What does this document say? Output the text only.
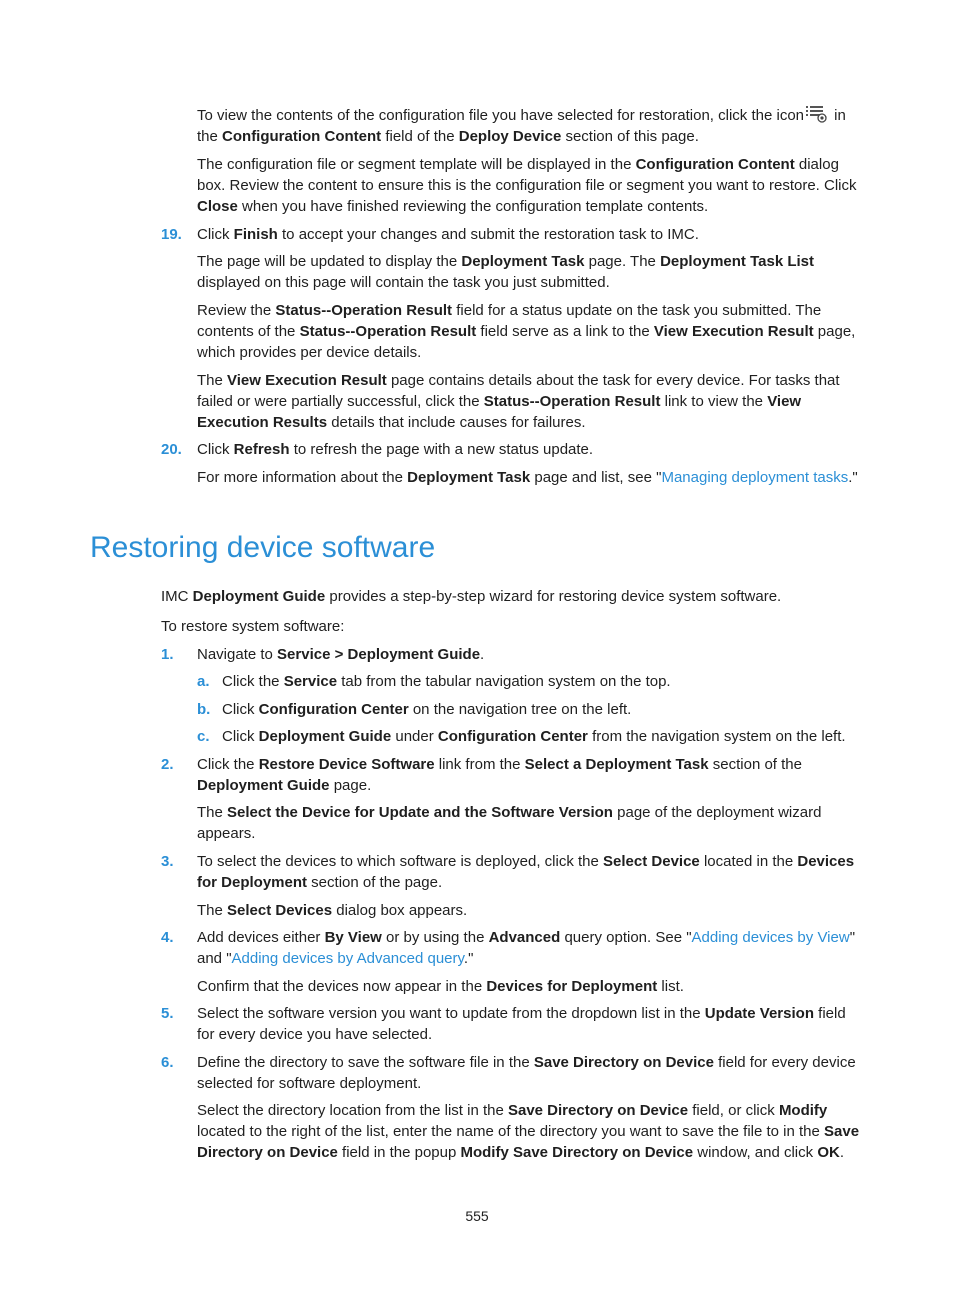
To view the contents of the configuration file you have selected for restoration, click the icon in the Configuration Content field of the Deploy Device section of this page.

The configuration file or segment template will be displayed in the Configuration Content dialog box. Review the content to ensure this is the configuration file or segment you want to restore. Click Close when you have finished reviewing the configuration template contents.

19. Click Finish to accept your changes and submit the restoration task to IMC.

The page will be updated to display the Deployment Task page. The Deployment Task List displayed on this page will contain the task you just submitted.

Review the Status--Operation Result field for a status update on the task you submitted. The contents of the Status--Operation Result field serve as a link to the View Execution Result page, which provides per device details.

The View Execution Result page contains details about the task for every device. For tasks that failed or were partially successful, click the Status--Operation Result link to view the View Execution Results details that include causes for failures.

20. Click Refresh to refresh the page with a new status update.

For more information about the Deployment Task page and list, see "Managing deployment tasks."

Restoring device software

IMC Deployment Guide provides a step-by-step wizard for restoring device system software.

To restore system software:

1. Navigate to Service > Deployment Guide.
a. Click the Service tab from the tabular navigation system on the top.
b. Click Configuration Center on the navigation tree on the left.
c. Click Deployment Guide under Configuration Center from the navigation system on the left.
2. Click the Restore Device Software link from the Select a Deployment Task section of the Deployment Guide page.

The Select the Device for Update and the Software Version page of the deployment wizard appears.

3. To select the devices to which software is deployed, click the Select Device located in the Devices for Deployment section of the page.

The Select Devices dialog box appears.

4. Add devices either By View or by using the Advanced query option. See "Adding devices by View" and "Adding devices by Advanced query."

Confirm that the devices now appear in the Devices for Deployment list.

5. Select the software version you want to update from the dropdown list in the Update Version field for every device you have selected.
6. Define the directory to save the software file in the Save Directory on Device field for every device selected for software deployment.

Select the directory location from the list in the Save Directory on Device field, or click Modify located to the right of the list, enter the name of the directory you want to save the file to in the Save Directory on Device field in the popup Modify Save Directory on Device window, and click OK.

555
